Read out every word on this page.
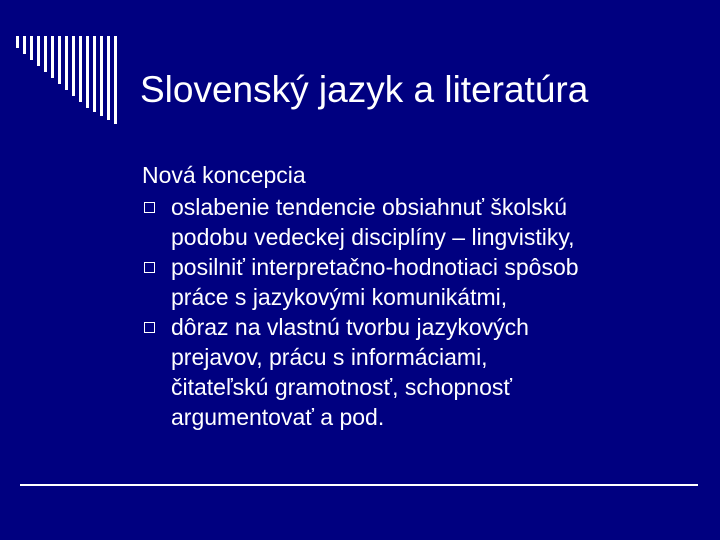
Slovenský jazyk a literatúra

Nová koncepcia

oslabenie tendencie obsiahnuť školskú
podobu vedeckej disciplíny – lingvistiky,
posilniť interpretačno-hodnotiaci spôsob
práce s jazykovými komunikátmi,
dôraz na vlastnú tvorbu jazykových
prejavov, prácu s informáciami,
čitateľskú gramotnosť, schopnosť
argumentovať a pod.
